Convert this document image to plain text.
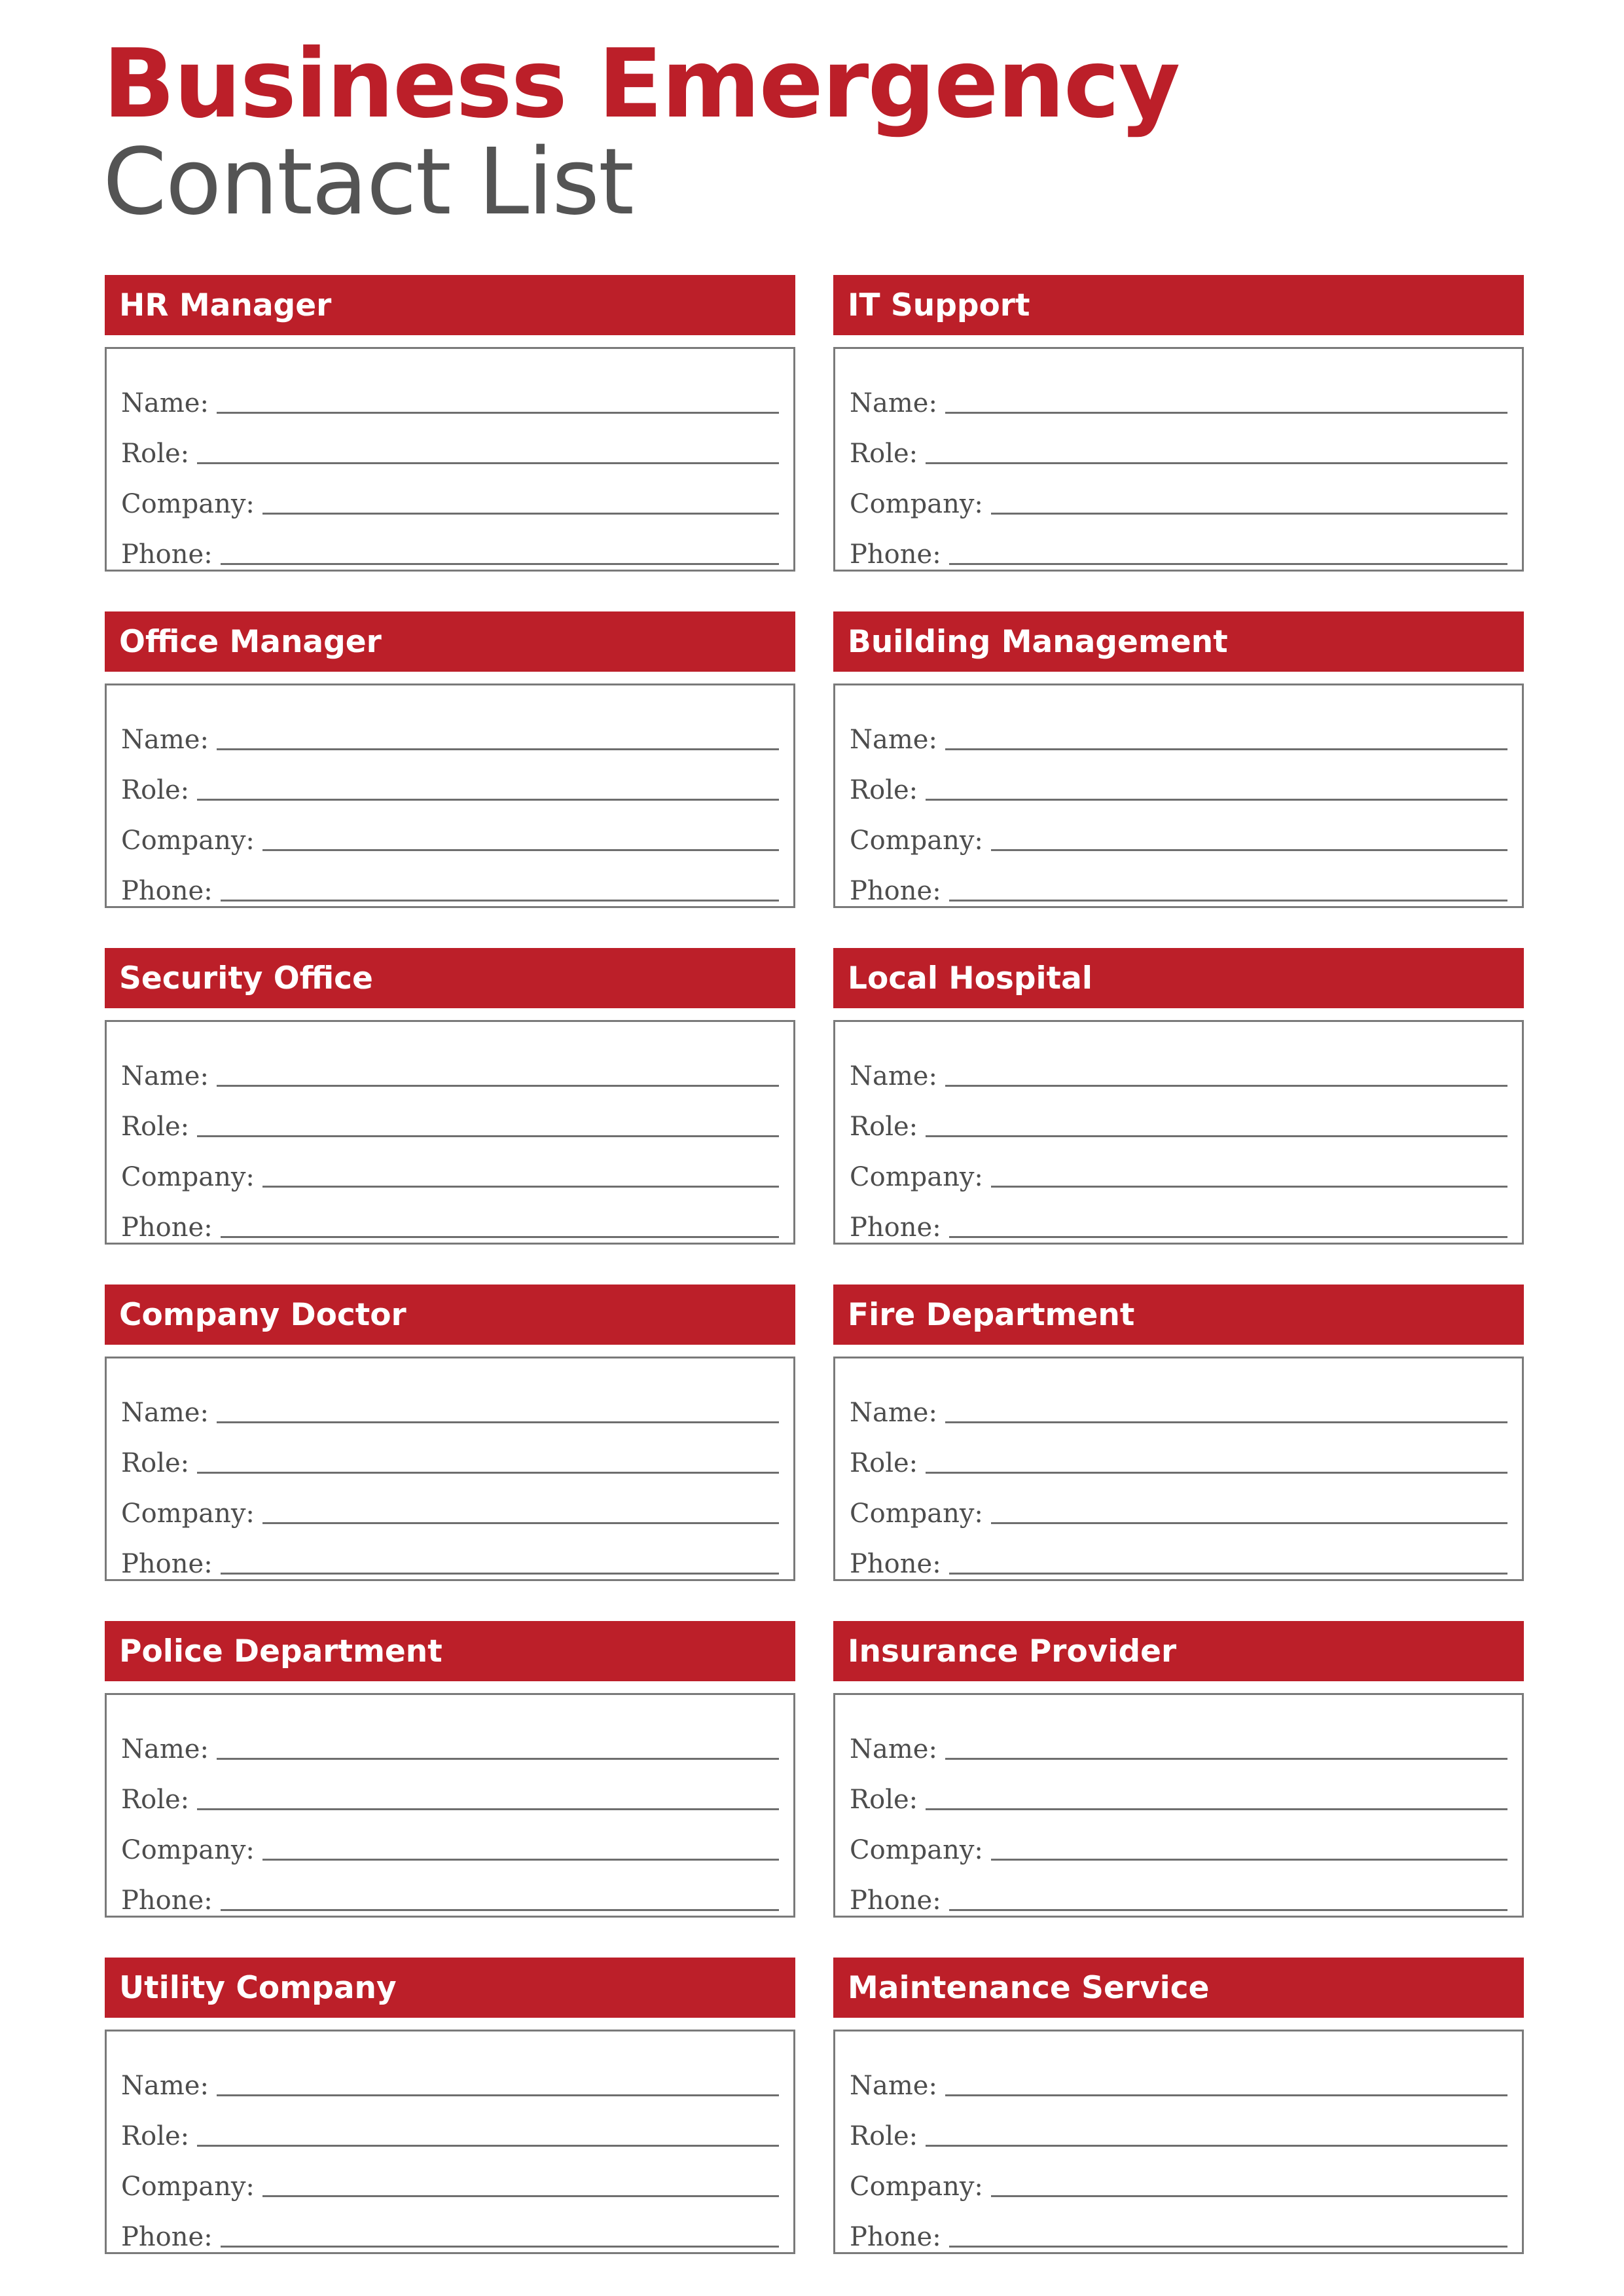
Business Emergency
Contact List
HR Manager
Name:
Role:
Company:
Phone:
IT Support
Name:
Role:
Company:
Phone:
Office Manager
Name:
Role:
Company:
Phone:
Building Management
Name:
Role:
Company:
Phone:
Security Office
Name:
Role:
Company:
Phone:
Local Hospital
Name:
Role:
Company:
Phone:
Company Doctor
Name:
Role:
Company:
Phone:
Fire Department
Name:
Role:
Company:
Phone:
Police Department
Name:
Role:
Company:
Phone:
Insurance Provider
Name:
Role:
Company:
Phone:
Utility Company
Name:
Role:
Company:
Phone:
Maintenance Service
Name:
Role:
Company:
Phone:
